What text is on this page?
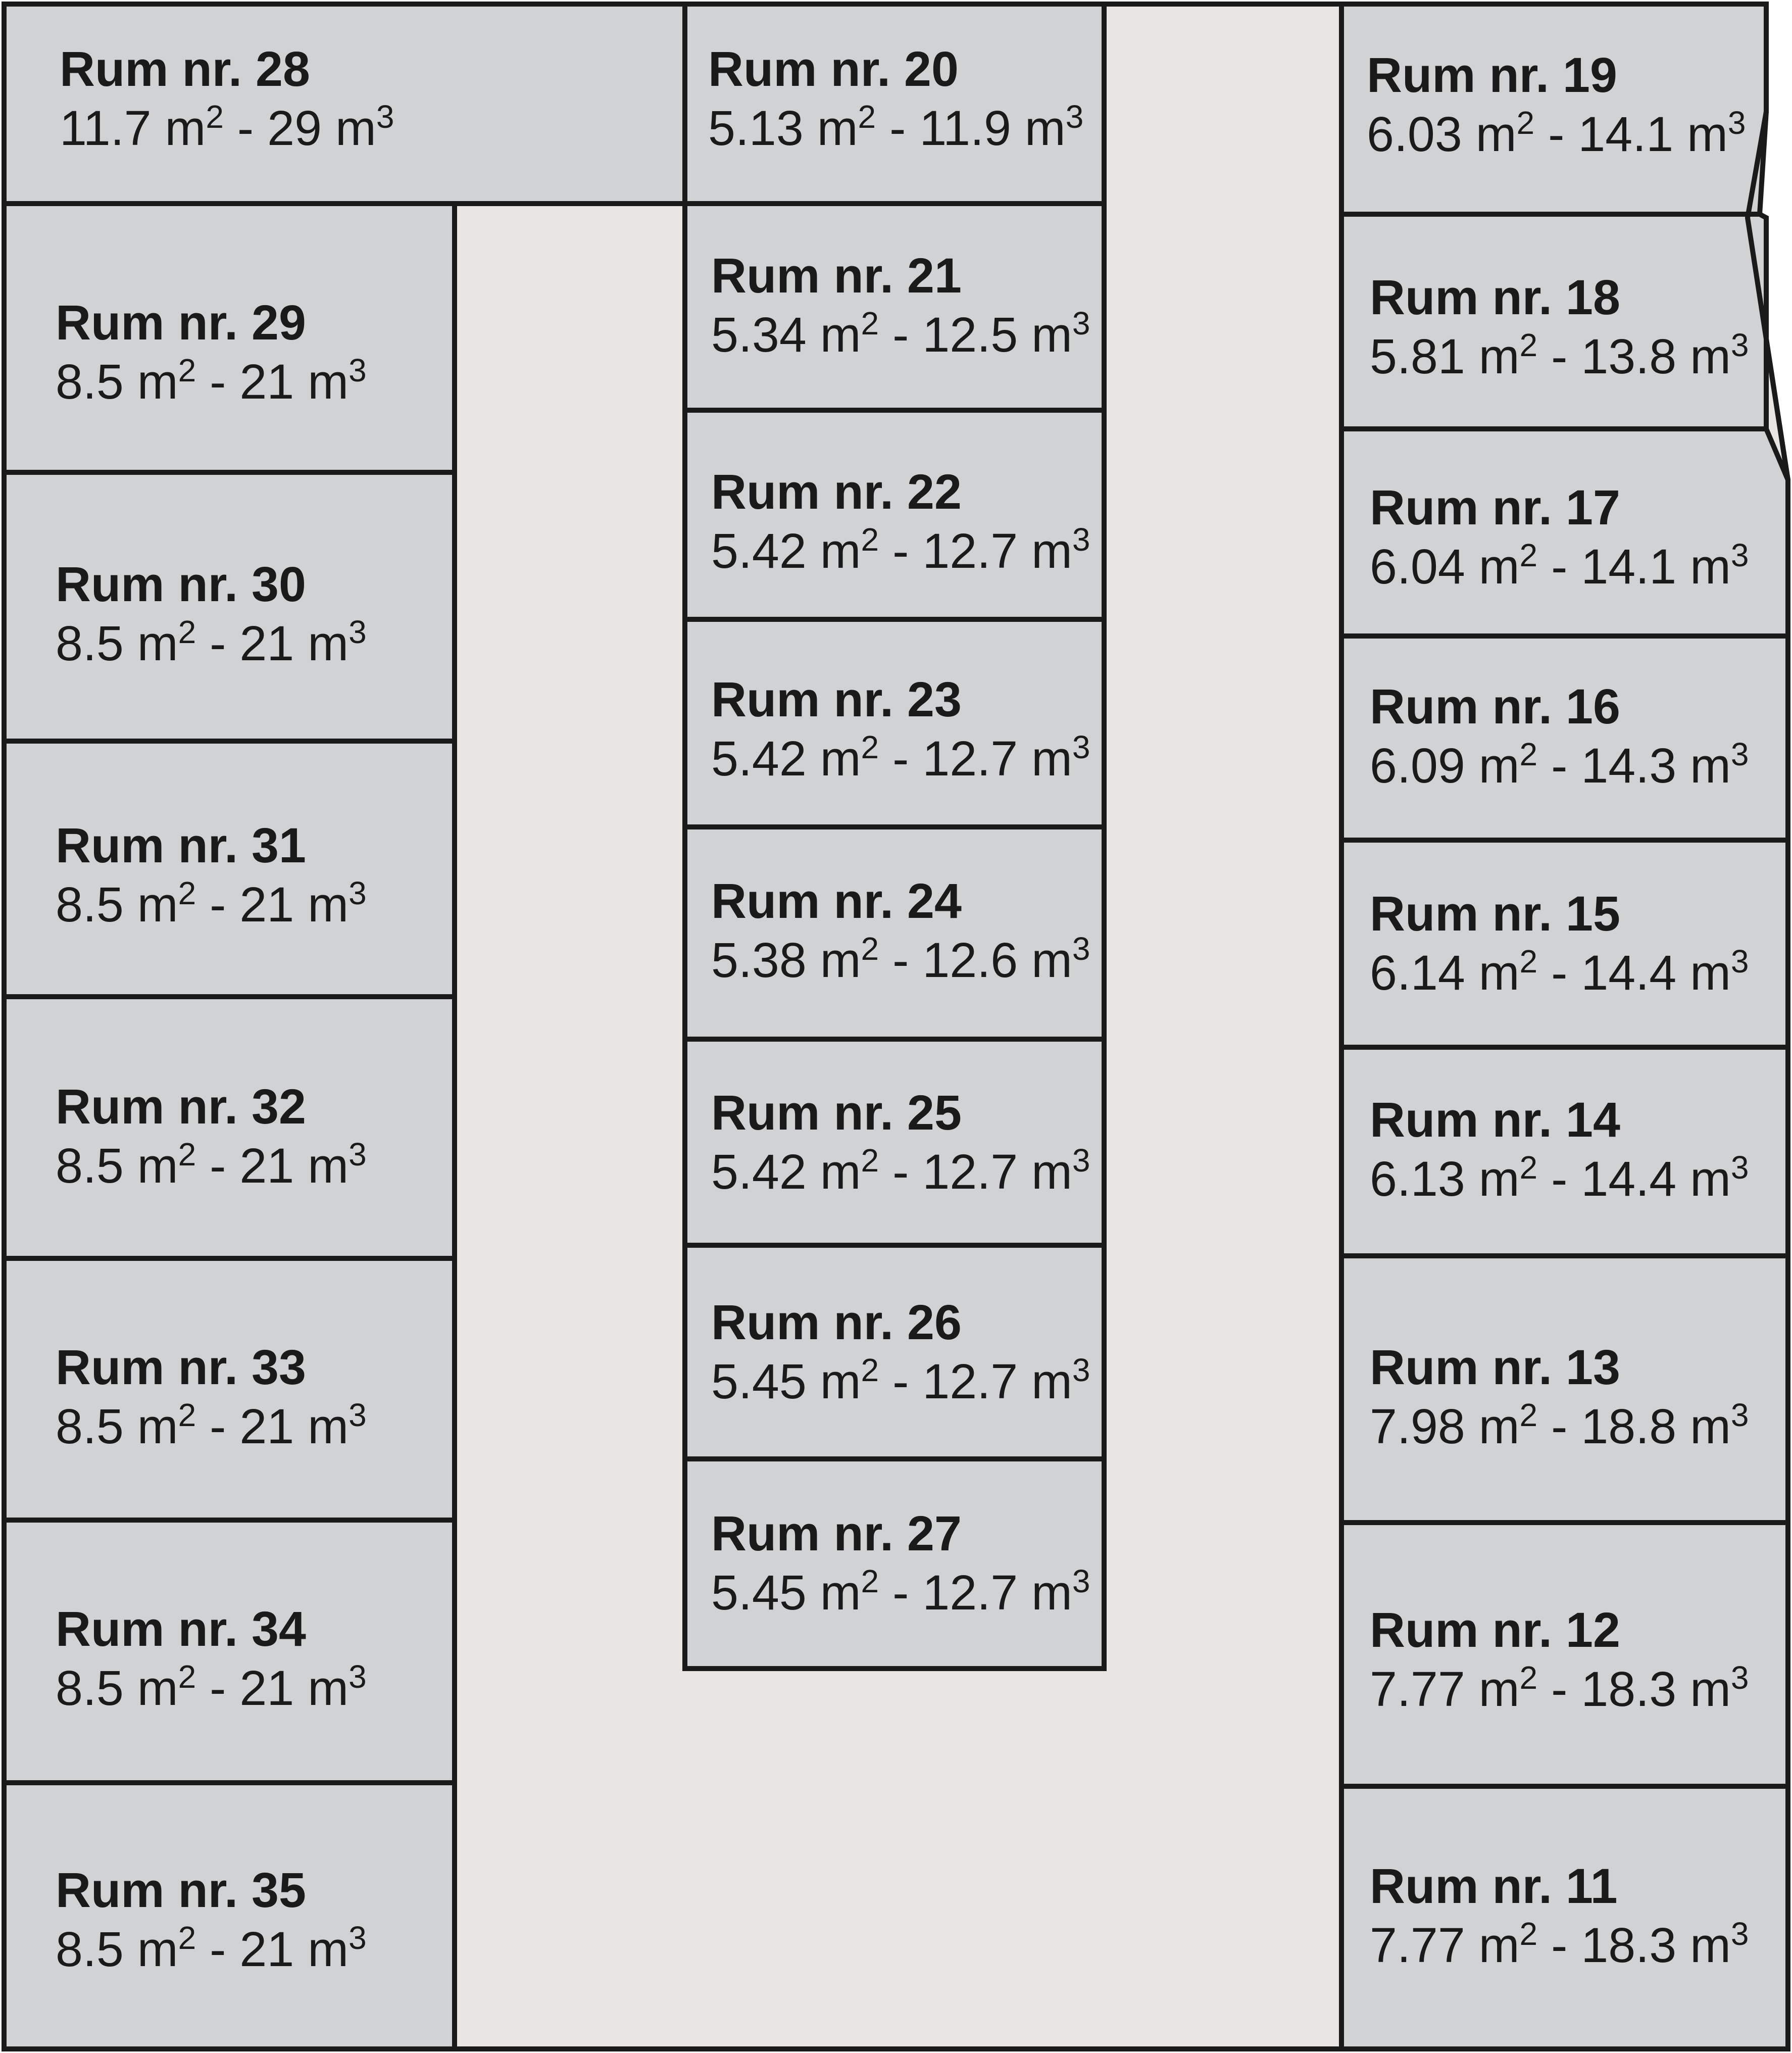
Rum nr. 28
11.7 $m^2 - 29$ $m^3$
Rum nr. 29
8.5 $m^2 - 21$ $m^3$
Rum nr. 30
8.5 $m^2 - 21$ $m^3$
Rum nr. 31
8.5 $m^2 - 21$ $m^3$
Rum nr. 32
8.5 $m^2 - 21$ $m^3$
Rum nr. 33
8.5 $m^2 - 21$ $m^3$
Rum nr. 34
8.5 $m^2 - 21$ $m^3$
Rum nr. 35
8.5 $m^2 - 21$ $m^3$
Rum nr. 20
5.13 $m^2 - 11.9$ $m^3$
Rum nr. 21
5.34 $m^2 - 12.5$ $m^3$
Rum nr. 22
5.42 $m^2 - 12.7$ $m^3$
Rum nr. 23
5.42 $m^2 - 12.7$ $m^3$
Rum nr. 24
5.38 $m^2 - 12.6$ $m^3$
Rum nr. 25
5.42 $m^2 - 12.7$ $m^3$
Rum nr. 26
5.45 $m^2 - 12.7$ $m^3$
Rum nr. 27
5.45 $m^2 - 12.7$ $m^3$
Rum nr. 19
6.03 $m^2 - 14.1$ $m^3$
Rum nr. 18
5.81 $m^2 - 13.8$ $m^3$
Rum nr. 17
6.04 $m^2 - 14.1$ $m^3$
Rum nr. 16
6.09 $m^2 - 14.3$ $m^3$
Rum nr. 15
6.14 $m^2 - 14.4$ $m^3$
Rum nr. 14
6.13 $m^2 - 14.4$ $m^3$
Rum nr. 13
7.98 $m^2 - 18.8$ $m^3$
Rum nr. 12
7.77 $m^2 - 18.3$ $m^3$
Rum nr. 11
7.77 $m^2 - 18.3$ $m^3$
